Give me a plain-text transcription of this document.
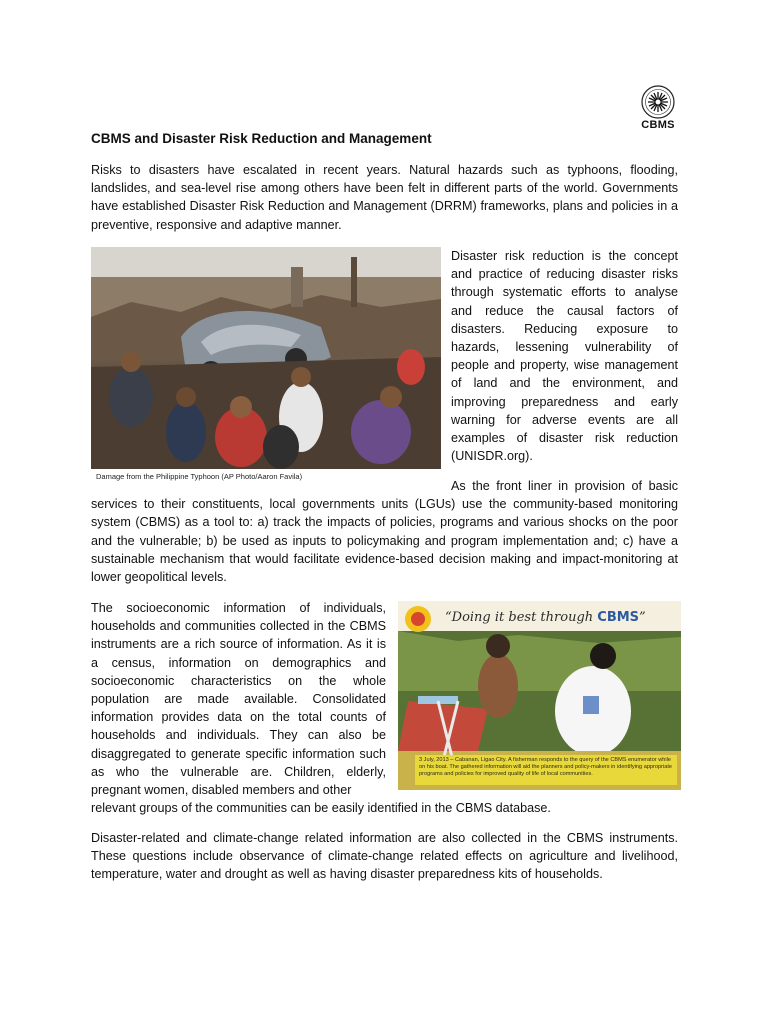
CBMS
CBMS and Disaster Risk Reduction and Management

Risks to disasters have escalated in recent years. Natural hazards such as typhoons, flooding, landslides, and sea-level rise among others have been felt in different parts of the world. Governments have established Disaster Risk Reduction and Management (DRRM) frameworks, plans and policies in a preventive, responsive and adaptive manner.

Damage from the Philippine Typhoon (AP Photo/Aaron Favila)

Disaster risk reduction is the concept and practice of reducing disaster risks through systematic efforts to analyse and reduce the causal factors of disasters. Reducing exposure to hazards, lessening vulnerability of people and property, wise management of land and the environment, and improving preparedness and early warning for adverse events are all examples of disaster risk reduction (UNISDR.org).

As the front liner in provision of basic services to their constituents, local governments units (LGUs) use the community-based monitoring system (CBMS) as a tool to: a) track the impacts of policies, programs and various shocks on the poor and the vulnerable; b) be used as inputs to policymaking and program implementation and; c) have a sustainable mechanism that would facilitate evidence-based decision making and impact-monitoring at lower geopolitical levels.

The socioeconomic information of individuals, households and communities collected in the CBMS instruments are a rich source of information. As it is a census, information on demographics and socioeconomic characteristics on the whole population are made available. Consolidated information provides data on the total counts of households and individuals. They can also be disaggregated to generate specific information such as who the vulnerable are. Children, elderly, pregnant women, disabled members and other

relevant groups of the communities can be easily identified in the CBMS database.

“Doing it best through CBMS”
3 July, 2013 – Cabanan, Ligao City. A fisherman responds to the query of the CBMS enumerator while on his boat. The gathered information will aid the planners and policy-makers in identifying appropriate programs and policies for improved quality of life of local communities.

Disaster-related and climate-change related information are also collected in the CBMS instruments. These questions include observance of climate-change related effects on agriculture and livelihood, temperature, water and drought as well as having disaster preparedness kits of households.
